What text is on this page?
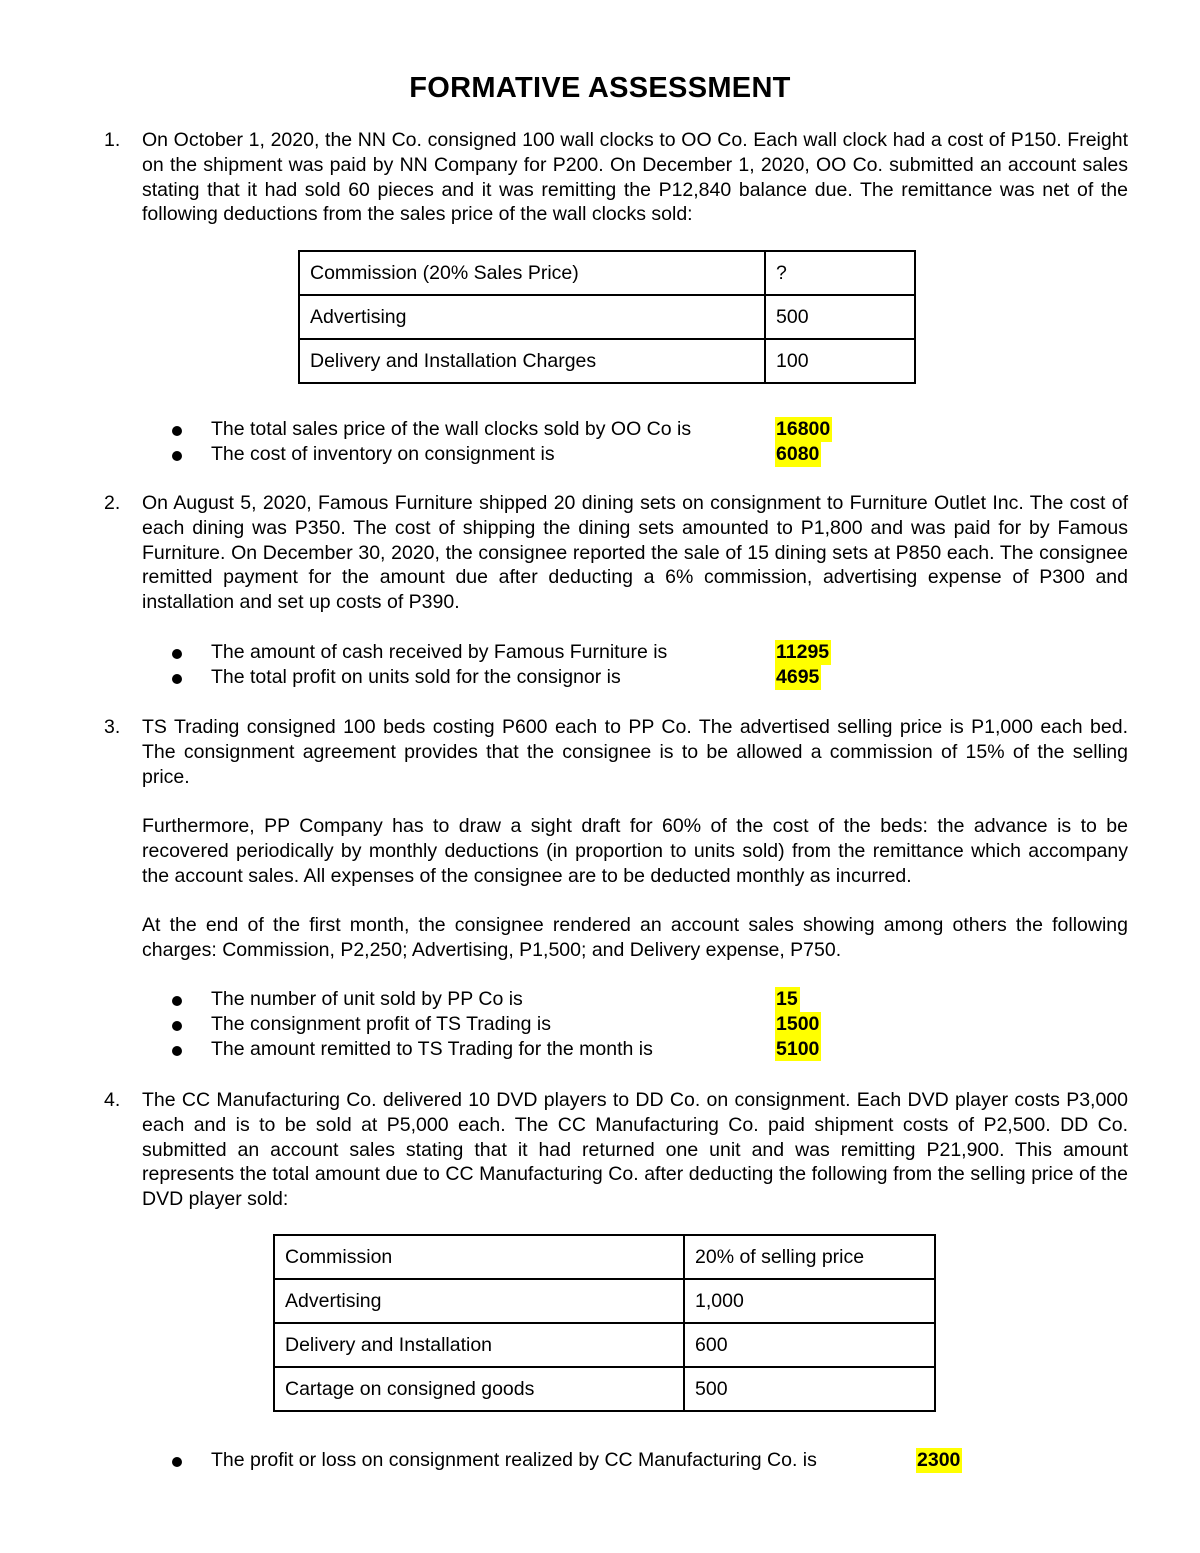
FORMATIVE ASSESSMENT
1. On October 1, 2020, the NN Co. consigned 100 wall clocks to OO Co. Each wall clock had a cost of P150. Freight on the shipment was paid by NN Company for P200. On December 1, 2020, OO Co. submitted an account sales stating that it had sold 60 pieces and it was remitting the P12,840 balance due. The remittance was net of the following deductions from the sales price of the wall clocks sold:

Commission (20% Sales Price)	?
Advertising	500
Delivery and Installation Charges	100
The total sales price of the wall clocks sold by OO Co is	16800
The cost of inventory on consignment is	6080
2. On August 5, 2020, Famous Furniture shipped 20 dining sets on consignment to Furniture Outlet Inc. The cost of each dining was P350. The cost of shipping the dining sets amounted to P1,800 and was paid for by Famous Furniture. On December 30, 2020, the consignee reported the sale of 15 dining sets at P850 each. The consignee remitted payment for the amount due after deducting a 6% commission, advertising expense of P300 and installation and set up costs of P390.

The amount of cash received by Famous Furniture is	11295
The total profit on units sold for the consignor is	4695
3. TS Trading consigned 100 beds costing P600 each to PP Co. The advertised selling price is P1,000 each bed. The consignment agreement provides that the consignee is to be allowed a commission of 15% of the selling price.

Furthermore, PP Company has to draw a sight draft for 60% of the cost of the beds: the advance is to be recovered periodically by monthly deductions (in proportion to units sold) from the remittance which accompany the account sales. All expenses of the consignee are to be deducted monthly as incurred.

At the end of the first month, the consignee rendered an account sales showing among others the following charges: Commission, P2,250; Advertising, P1,500; and Delivery expense, P750.

The number of unit sold by PP Co is	15
The consignment profit of TS Trading is	1500
The amount remitted to TS Trading for the month is	5100
4. The CC Manufacturing Co. delivered 10 DVD players to DD Co. on consignment. Each DVD player costs P3,000 each and is to be sold at P5,000 each. The CC Manufacturing Co. paid shipment costs of P2,500. DD Co. submitted an account sales stating that it had returned one unit and was remitting P21,900. This amount represents the total amount due to CC Manufacturing Co. after deducting the following from the selling price of the DVD player sold:

Commission	20% of selling price
Advertising	1,000
Delivery and Installation	600
Cartage on consigned goods	500
The profit or loss on consignment realized by CC Manufacturing Co. is	2300
